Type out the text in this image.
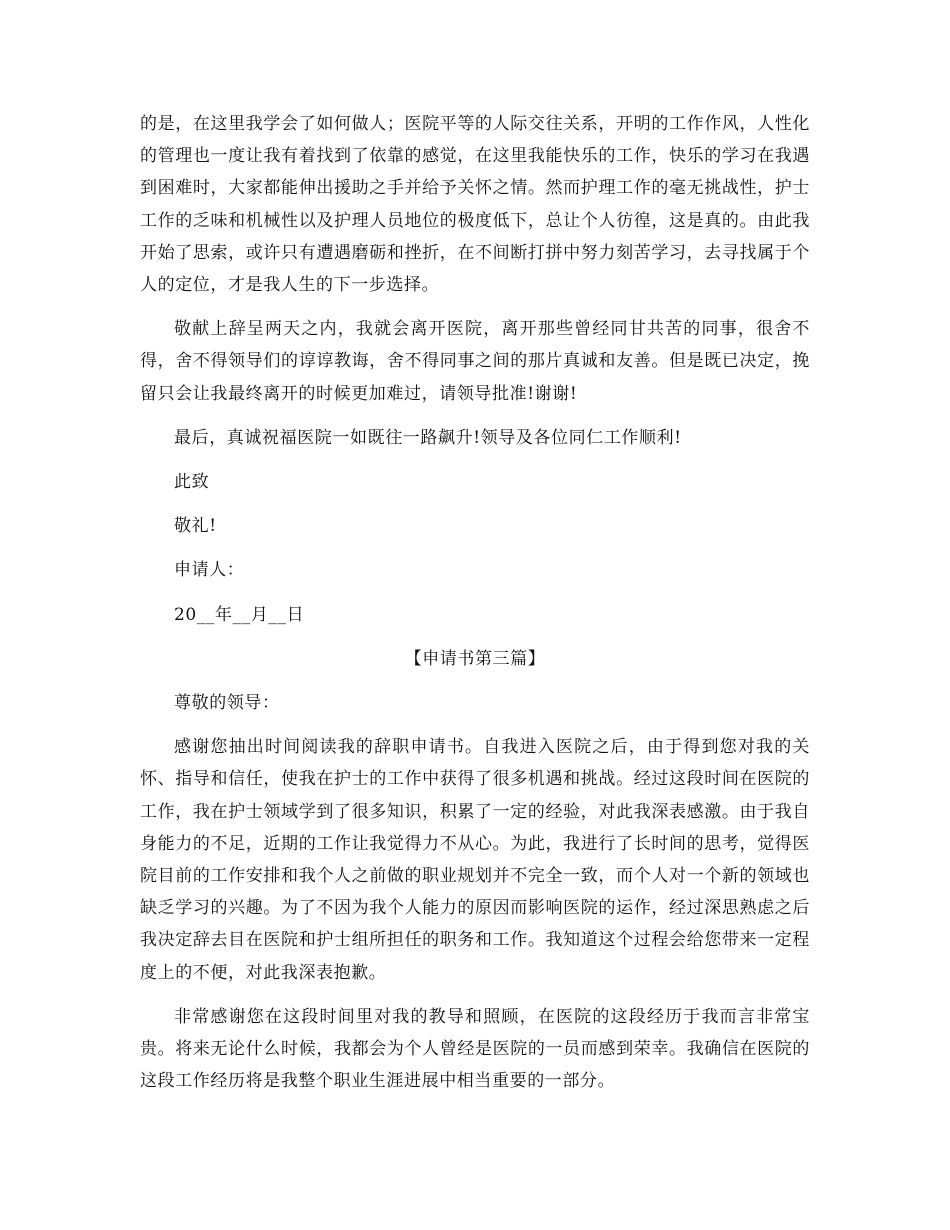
的是，在这里我学会了如何做人；医院平等的人际交往关系，开明的工作作风，人性化的管理也一度让我有着找到了依靠的感觉，在这里我能快乐的工作，快乐的学习在我遇到困难时，大家都能伸出援助之手并给予关怀之情。然而护理工作的毫无挑战性，护士工作的乏味和机械性以及护理人员地位的极度低下，总让个人彷徨，这是真的。由此我开始了思索，或许只有遭遇磨砺和挫折，在不间断打拼中努力刻苦学习，去寻找属于个人的定位，才是我人生的下一步选择。

敬献上辞呈两天之内，我就会离开医院，离开那些曾经同甘共苦的同事，很舍不得，舍不得领导们的谆谆教诲，舍不得同事之间的那片真诚和友善。但是既已决定，挽留只会让我最终离开的时候更加难过，请领导批准!谢谢!

最后，真诚祝福医院一如既往一路飙升!领导及各位同仁工作顺利!

此致

敬礼!

申请人：

20__年__月__日

【申请书第三篇】

尊敬的领导：

感谢您抽出时间阅读我的辞职申请书。自我进入医院之后，由于得到您对我的关怀、指导和信任，使我在护士的工作中获得了很多机遇和挑战。经过这段时间在医院的工作，我在护士领域学到了很多知识，积累了一定的经验，对此我深表感激。由于我自身能力的不足，近期的工作让我觉得力不从心。为此，我进行了长时间的思考，觉得医院目前的工作安排和我个人之前做的职业规划并不完全一致，而个人对一个新的领域也缺乏学习的兴趣。为了不因为我个人能力的原因而影响医院的运作，经过深思熟虑之后我决定辞去目在医院和护士组所担任的职务和工作。我知道这个过程会给您带来一定程度上的不便，对此我深表抱歉。

非常感谢您在这段时间里对我的教导和照顾，在医院的这段经历于我而言非常宝贵。将来无论什么时候，我都会为个人曾经是医院的一员而感到荣幸。我确信在医院的这段工作经历将是我整个职业生涯进展中相当重要的一部分。
